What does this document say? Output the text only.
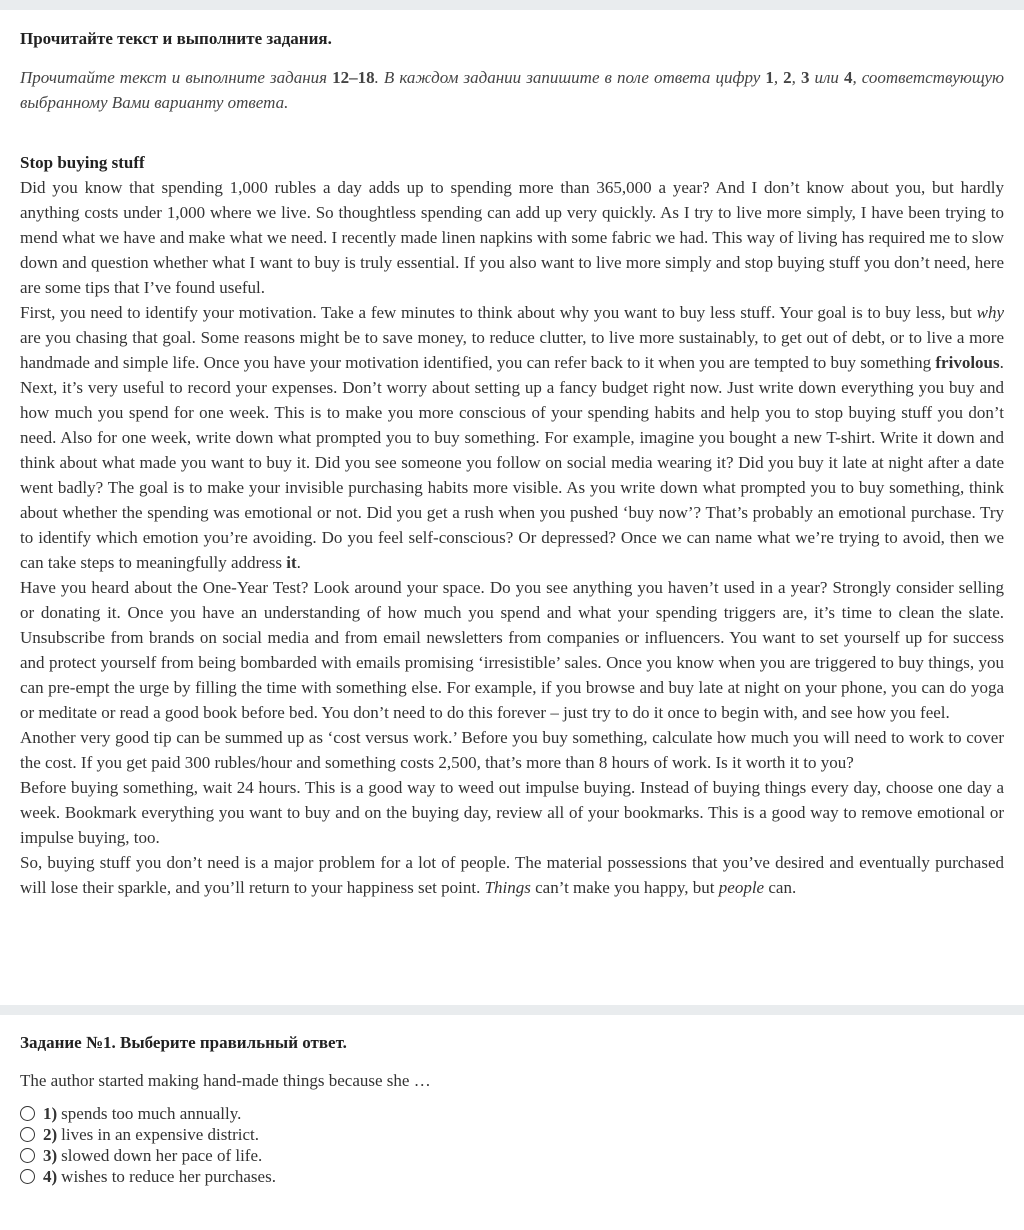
Прочитайте текст и выполните задания.

Прочитайте текст и выполните задания 12–18. В каждом задании запишите в поле ответа цифру 1, 2, 3 или 4, соответствующую выбранному Вами варианту ответа.

Stop buying stuff

Did you know that spending 1,000 rubles a day adds up to spending more than 365,000 a year? And I don’t know about you, but hardly anything costs under 1,000 where we live. So thoughtless spending can add up very quickly. As I try to live more simply, I have been trying to mend what we have and make what we need. I recently made linen napkins with some fabric we had. This way of living has required me to slow down and question whether what I want to buy is truly essential. If you also want to live more simply and stop buying stuff you don’t need, here are some tips that I’ve found useful.

First, you need to identify your motivation. Take a few minutes to think about why you want to buy less stuff. Your goal is to buy less, but why are you chasing that goal. Some reasons might be to save money, to reduce clutter, to live more sustainably, to get out of debt, or to live a more handmade and simple life. Once you have your motivation identified, you can refer back to it when you are tempted to buy something frivolous.

Next, it’s very useful to record your expenses. Don’t worry about setting up a fancy budget right now. Just write down everything you buy and how much you spend for one week. This is to make you more conscious of your spending habits and help you to stop buying stuff you don’t need. Also for one week, write down what prompted you to buy something. For example, imagine you bought a new T-shirt. Write it down and think about what made you want to buy it. Did you see someone you follow on social media wearing it? Did you buy it late at night after a date went badly? The goal is to make your invisible purchasing habits more visible. As you write down what prompted you to buy something, think about whether the spending was emotional or not. Did you get a rush when you pushed ‘buy now’? That’s probably an emotional purchase. Try to identify which emotion you’re avoiding. Do you feel self-conscious? Or depressed? Once we can name what we’re trying to avoid, then we can take steps to meaningfully address it.

Have you heard about the One-Year Test? Look around your space. Do you see anything you haven’t used in a year? Strongly consider selling or donating it. Once you have an understanding of how much you spend and what your spending triggers are, it’s time to clean the slate. Unsubscribe from brands on social media and from email newsletters from companies or influencers. You want to set yourself up for success and protect yourself from being bombarded with emails promising ‘irresistible’ sales. Once you know when you are triggered to buy things, you can pre-empt the urge by filling the time with something else. For example, if you browse and buy late at night on your phone, you can do yoga or meditate or read a good book before bed. You don’t need to do this forever – just try to do it once to begin with, and see how you feel.

Another very good tip can be summed up as ‘cost versus work.’ Before you buy something, calculate how much you will need to work to cover the cost. If you get paid 300 rubles/hour and something costs 2,500, that’s more than 8 hours of work. Is it worth it to you?

Before buying something, wait 24 hours. This is a good way to weed out impulse buying. Instead of buying things every day, choose one day a week. Bookmark everything you want to buy and on the buying day, review all of your bookmarks. This is a good way to remove emotional or impulse buying, too.

So, buying stuff you don’t need is a major problem for a lot of people. The material possessions that you’ve desired and eventually purchased will lose their sparkle, and you’ll return to your happiness set point. Things can’t make you happy, but people can.

Задание №1. Выберите правильный ответ.

The author started making hand-made things because she …

1) spends too much annually.
2) lives in an expensive district.
3) slowed down her pace of life.
4) wishes to reduce her purchases.
